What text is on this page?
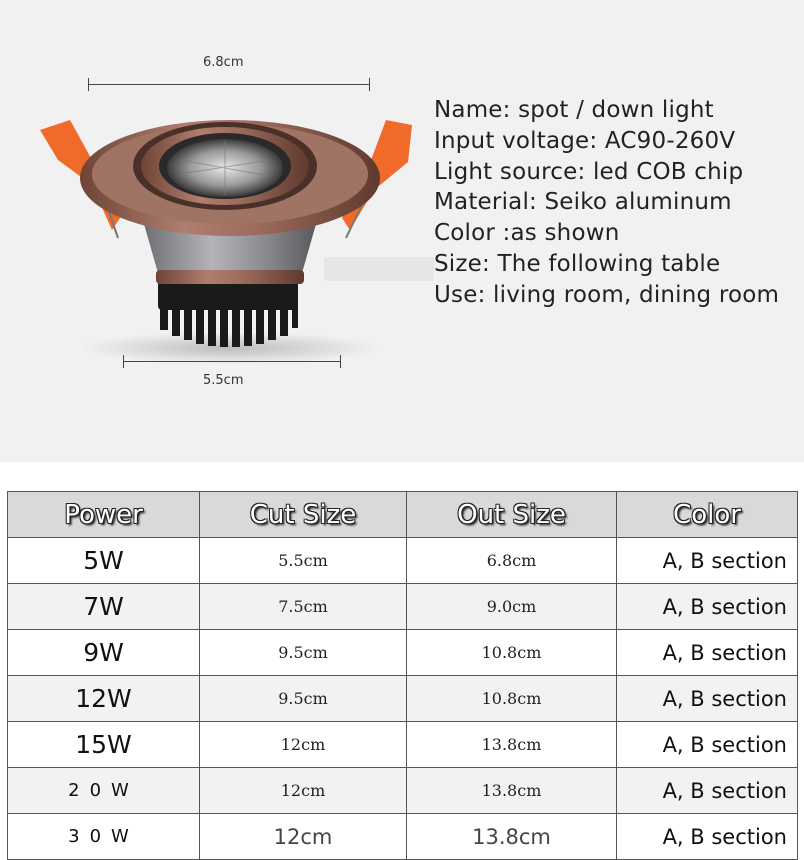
6.8cm
5.5cm
Name: spot / down light
Input voltage: AC90-260V
Light source: led COB chip
Material: Seiko aluminum
Color :as shown
Size: The following table
Use: living room, dining room
Power	Cut Size	Out Size	Color
5W	5.5cm	6.8cm	A, B section
7W	7.5cm	9.0cm	A, B section
9W	9.5cm	10.8cm	A, B section
12W	9.5cm	10.8cm	A, B section
15W	12cm	13.8cm	A, B section
20W	12cm	13.8cm	A, B section
30W	12cm	13.8cm	A, B section
